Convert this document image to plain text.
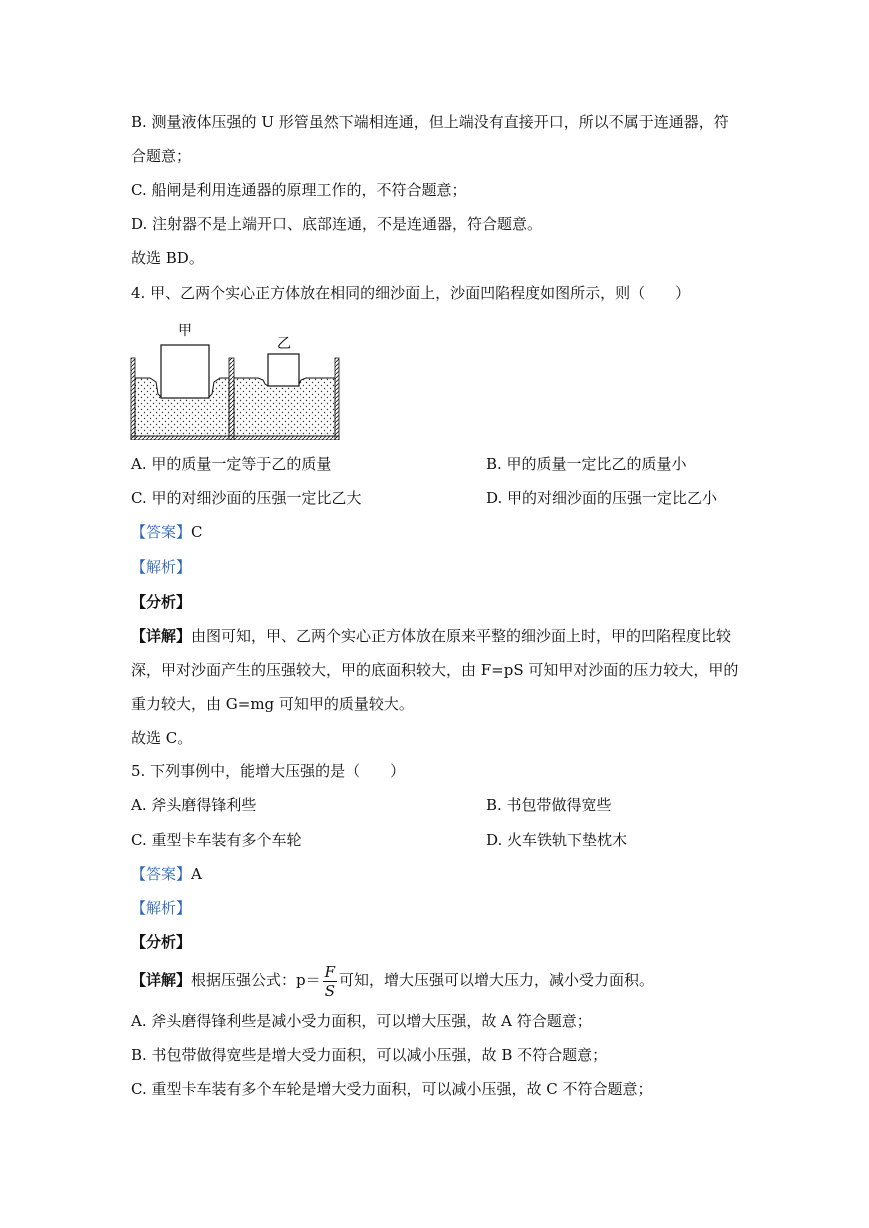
B. 测量液体压强的 U 形管虽然下端相连通，但上端没有直接开口，所以不属于连通器，符
合题意；
C. 船闸是利用连通器的原理工作的，不符合题意；
D. 注射器不是上端开口、底部连通，不是连通器，符合题意。
故选 BD。
4. 甲、乙两个实心正方体放在相同的细沙面上，沙面凹陷程度如图所示，则（　　）
甲
乙
A. 甲的质量一定等于乙的质量	B. 甲的质量一定比乙的质量小
C. 甲的对细沙面的压强一定比乙大	D. 甲的对细沙面的压强一定比乙小
【答案】C
【解析】
【分析】
【详解】由图可知，甲、乙两个实心正方体放在原来平整的细沙面上时，甲的凹陷程度比较
深，甲对沙面产生的压强较大，甲的底面积较大，由 F=pS 可知甲对沙面的压力较大，甲的
重力较大，由 G=mg 可知甲的质量较大。
故选 C。
5. 下列事例中，能增大压强的是（　　）
A. 斧头磨得锋利些	B. 书包带做得宽些
C. 重型卡车装有多个车轮	D. 火车铁轨下垫枕木
【答案】A
【解析】
【分析】
【详解】根据压强公式：$p= \frac{F}{S}$ 可知，增大压强可以增大压力，减小受力面积。
A. 斧头磨得锋利些是减小受力面积，可以增大压强，故 A 符合题意；
B. 书包带做得宽些是增大受力面积，可以减小压强，故 B 不符合题意；
C. 重型卡车装有多个车轮是增大受力面积，可以减小压强，故 C 不符合题意；
